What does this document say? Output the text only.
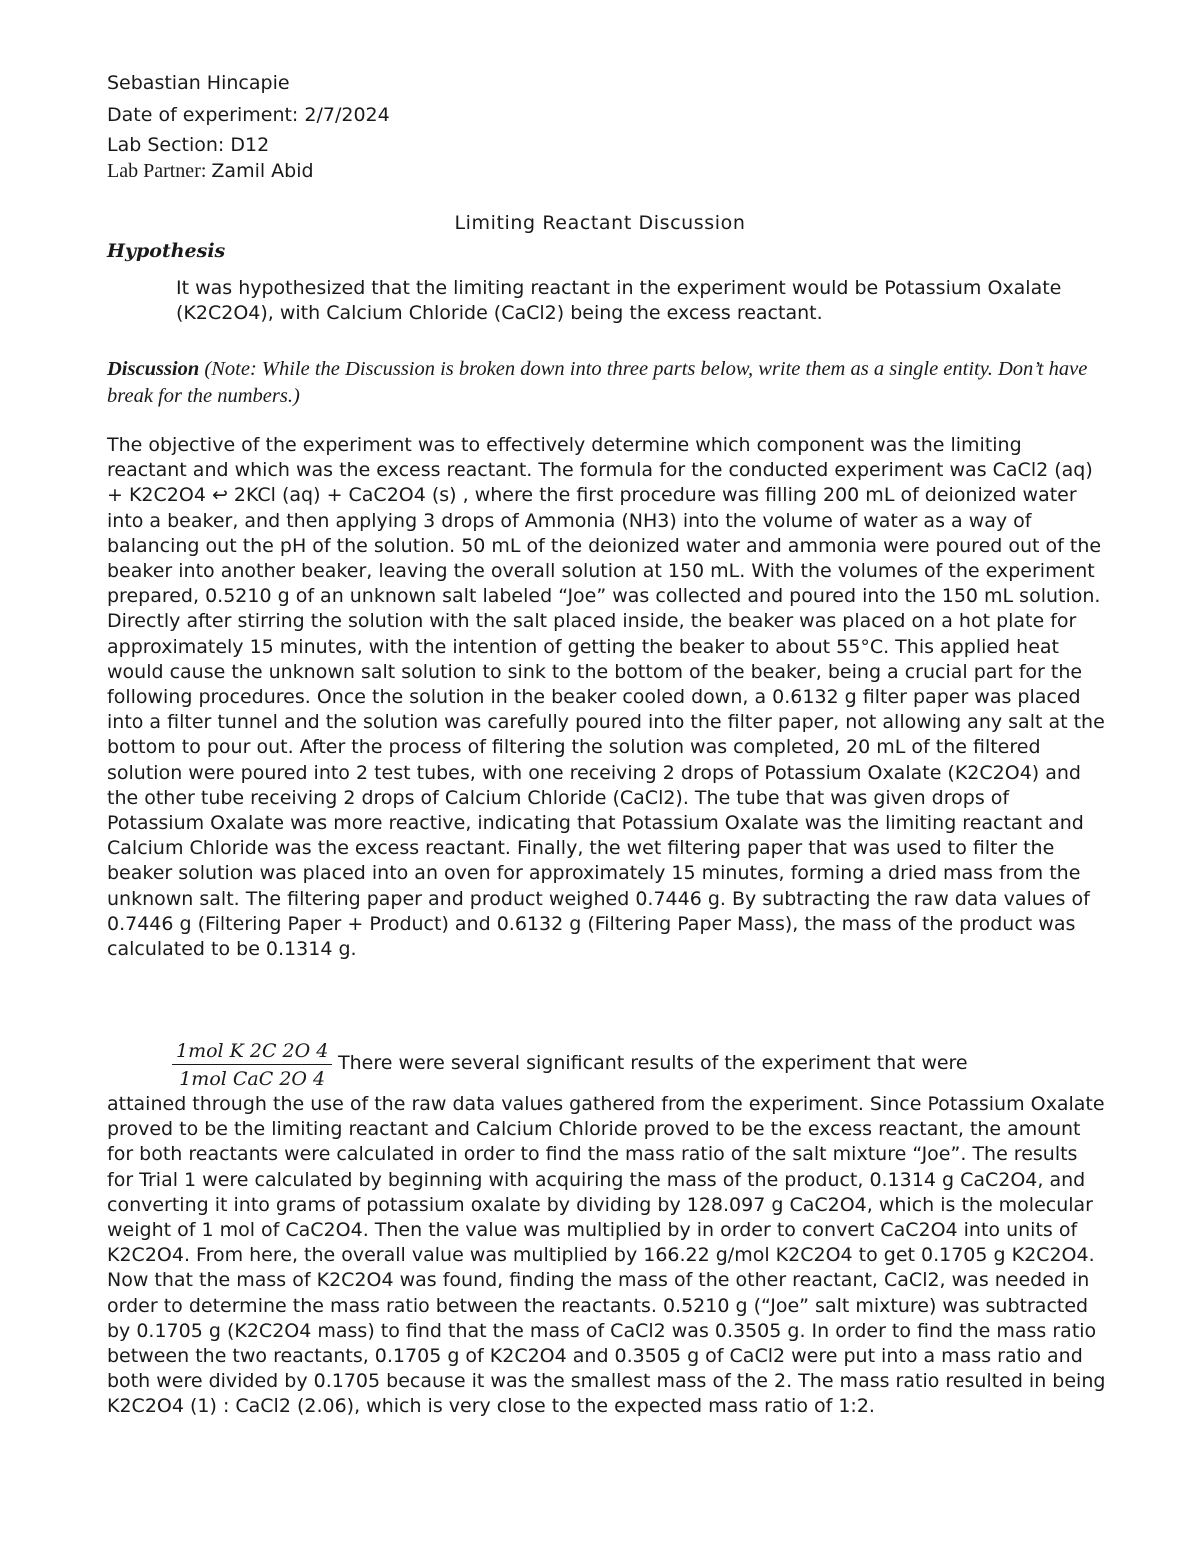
Sebastian Hincapie
Date of experiment: 2/7/2024
Lab Section: D12
Lab Partner: Zamil Abid
Limiting Reactant Discussion
Hypothesis
It was hypothesized that the limiting reactant in the experiment would be Potassium Oxalate (K2C2O4), with Calcium Chloride (CaCl2) being the excess reactant.
Discussion (Note: While the Discussion is broken down into three parts below, write them as a single entity. Don’t have break for the numbers.)
The objective of the experiment was to effectively determine which component was the limiting reactant and which was the excess reactant. The formula for the conducted experiment was CaCl2 (aq) + K2C2O4 ↩ 2KCl (aq) + CaC2O4 (s) , where the first procedure was filling 200 mL of deionized water into a beaker, and then applying 3 drops of Ammonia (NH3) into the volume of water as a way of balancing out the pH of the solution. 50 mL of the deionized water and ammonia were poured out of the beaker into another beaker, leaving the overall solution at 150 mL. With the volumes of the experiment prepared, 0.5210 g of an unknown salt labeled “Joe” was collected and poured into the 150 mL solution. Directly after stirring the solution with the salt placed inside, the beaker was placed on a hot plate for approximately 15 minutes, with the intention of getting the beaker to about 55°C. This applied heat would cause the unknown salt solution to sink to the bottom of the beaker, being a crucial part for the following procedures. Once the solution in the beaker cooled down, a 0.6132 g filter paper was placed into a filter tunnel and the solution was carefully poured into the filter paper, not allowing any salt at the bottom to pour out. After the process of filtering the solution was completed, 20 mL of the filtered solution were poured into 2 test tubes, with one receiving 2 drops of Potassium Oxalate (K2C2O4) and the other tube receiving 2 drops of Calcium Chloride (CaCl2). The tube that was given drops of Potassium Oxalate was more reactive, indicating that Potassium Oxalate was the limiting reactant and Calcium Chloride was the excess reactant. Finally, the wet filtering paper that was used to filter the beaker solution was placed into an oven for approximately 15 minutes, forming a dried mass from the unknown salt. The filtering paper and product weighed 0.7446 g. By subtracting the raw data values of 0.7446 g (Filtering Paper + Product) and 0.6132 g (Filtering Paper Mass), the mass of the product was calculated to be 0.1314 g.
1mol K 2C 2O 4
1mol CaC 2O 4
There were several significant results of the experiment that were
attained through the use of the raw data values gathered from the experiment. Since Potassium Oxalate proved to be the limiting reactant and Calcium Chloride proved to be the excess reactant, the amount for both reactants were calculated in order to find the mass ratio of the salt mixture “Joe”. The results for Trial 1 were calculated by beginning with acquiring the mass of the product, 0.1314 g CaC2O4, and converting it into grams of potassium oxalate by dividing by 128.097 g CaC2O4, which is the molecular weight of 1 mol of CaC2O4. Then the value was multiplied by in order to convert CaC2O4 into units of K2C2O4. From here, the overall value was multiplied by 166.22 g/mol K2C2O4 to get 0.1705 g K2C2O4. Now that the mass of K2C2O4 was found, finding the mass of the other reactant, CaCl2, was needed in order to determine the mass ratio between the reactants. 0.5210 g (“Joe” salt mixture) was subtracted by 0.1705 g (K2C2O4 mass) to find that the mass of CaCl2 was 0.3505 g. In order to find the mass ratio between the two reactants, 0.1705 g of K2C2O4 and 0.3505 g of CaCl2 were put into a mass ratio and both were divided by 0.1705 because it was the smallest mass of the 2. The mass ratio resulted in being K2C2O4 (1) : CaCl2 (2.06), which is very close to the expected mass ratio of 1:2.
